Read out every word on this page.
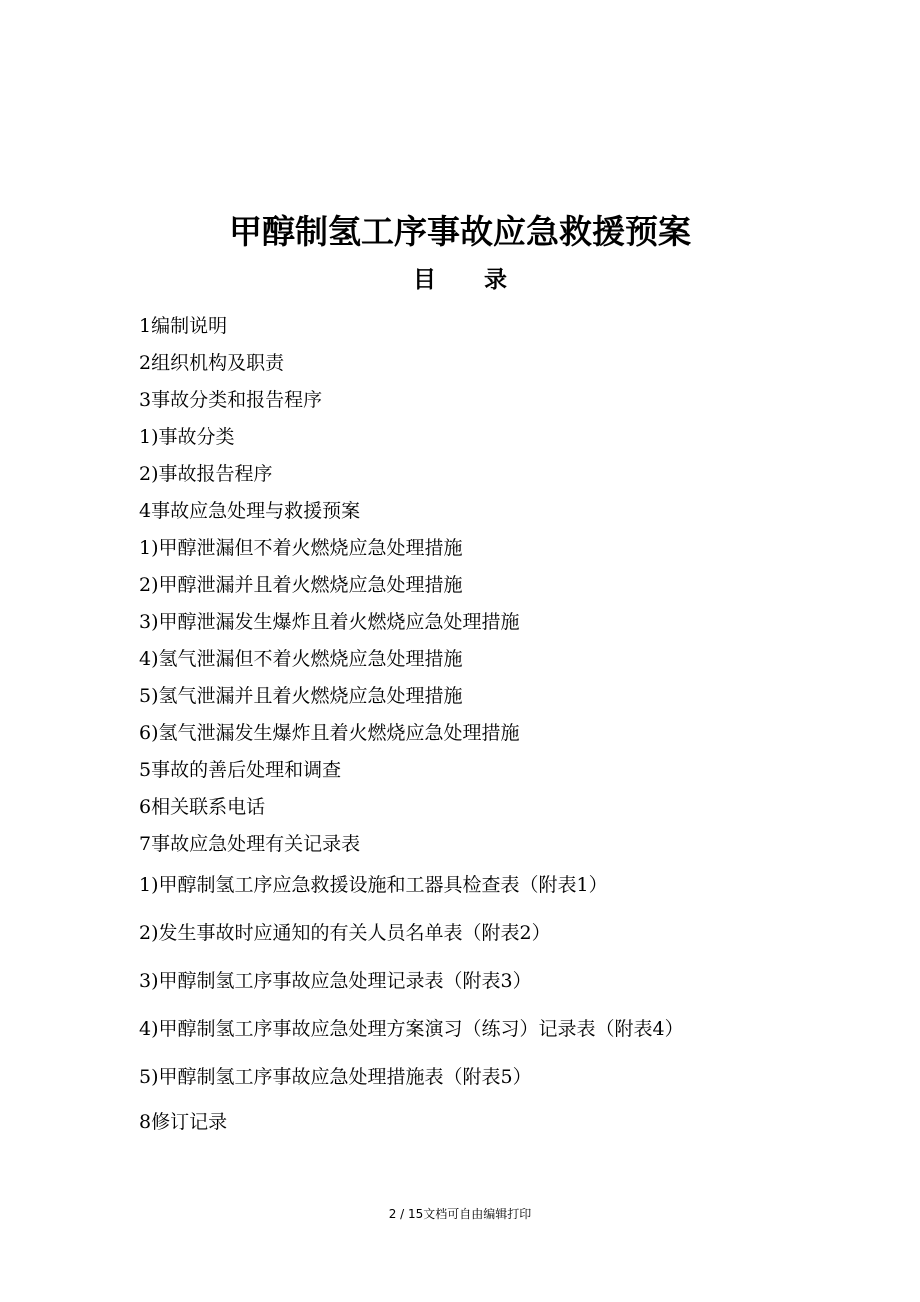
甲醇制氢工序事故应急救援预案
目录
1编制说明
2组织机构及职责
3事故分类和报告程序
1)事故分类
2)事故报告程序
4事故应急处理与救援预案
1)甲醇泄漏但不着火燃烧应急处理措施
2)甲醇泄漏并且着火燃烧应急处理措施
3)甲醇泄漏发生爆炸且着火燃烧应急处理措施
4)氢气泄漏但不着火燃烧应急处理措施
5)氢气泄漏并且着火燃烧应急处理措施
6)氢气泄漏发生爆炸且着火燃烧应急处理措施
5事故的善后处理和调查
6相关联系电话
7事故应急处理有关记录表
1)甲醇制氢工序应急救援设施和工器具检查表（附表1）
2)发生事故时应通知的有关人员名单表（附表2）
3)甲醇制氢工序事故应急处理记录表（附表3）
4)甲醇制氢工序事故应急处理方案演习（练习）记录表（附表4）
5)甲醇制氢工序事故应急处理措施表（附表5）
8修订记录
2 / 15文档可自由编辑打印
